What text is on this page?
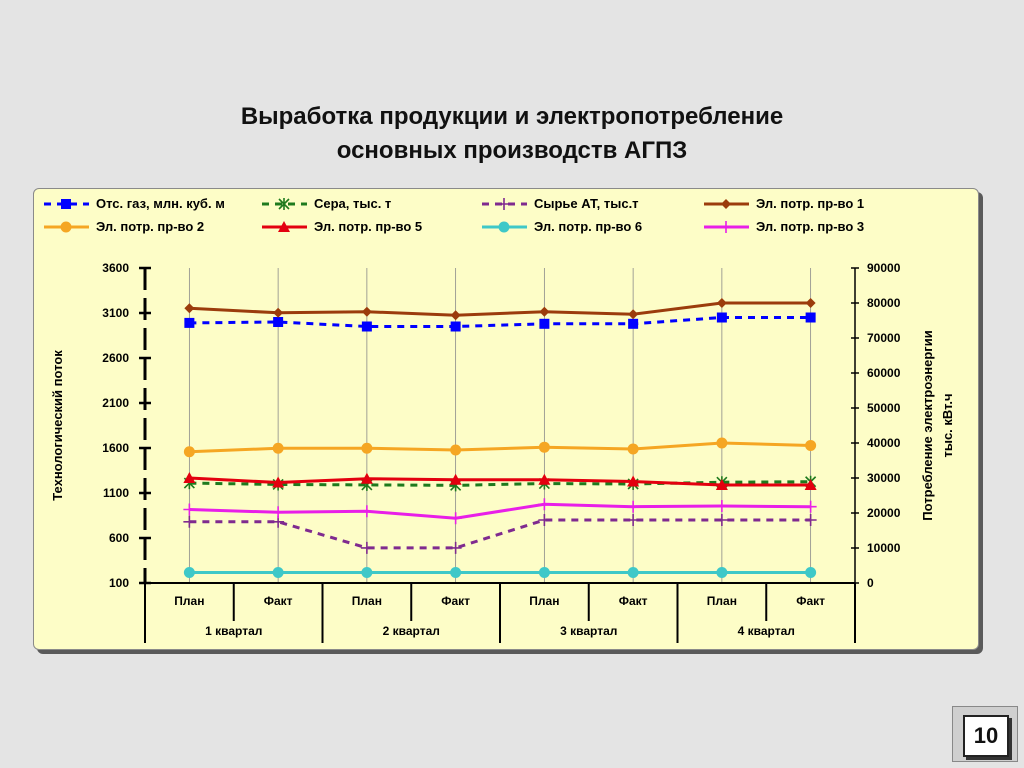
Выработка продукции и электропотребление
основных производств АГПЗ
Отс. газ, млн. куб. м	Сера, тыс. т	Сырье АТ, тыс.т	Эл. потр. пр-во 1
Эл. потр. пр-во 2	Эл. потр. пр-во 5	Эл. потр. пр-во 6	Эл. потр. пр-во 3
3600
3100
2600
2100
1600
1100
600
100
Технологический поток
90000
80000
70000
60000
50000
40000
30000
20000
10000
0
Потребление электроэнергии тыс. кВт.ч
План	Факт	План	Факт	План	Факт	План	Факт
1 квартал	2 квартал	3 квартал	4 квартал
10
